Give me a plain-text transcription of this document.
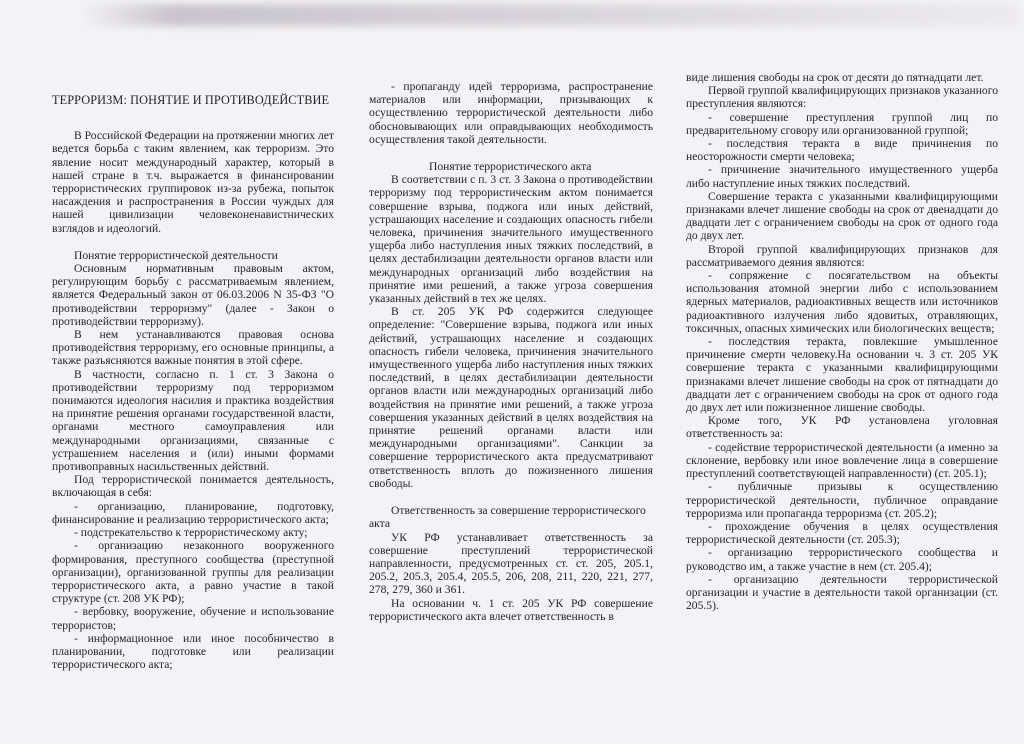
ТЕРРОРИЗМ: ПОНЯТИЕ И ПРОТИВОДЕЙСТВИЕ

В Российской Федерации на протяжении многих лет ведется борьба с таким явлением, как терроризм. Это явление носит международный характер, который в нашей стране в т.ч. выражается в финансировании террористических группировок из-за рубежа, попыток насаждения и распространения в России чуждых для нашей цивилизации человеконенавистнических взглядов и идеологий.

Понятие террористической деятельности

Основным нормативным правовым актом, регулирующим борьбу с рассматриваемым явлением, является Федеральный закон от 06.03.2006 N 35-ФЗ "О противодействии терроризму" (далее - Закон о противодействии терроризму).

В нем устанавливаются правовая основа противодействия терроризму, его основные принципы, а также разъясняются важные понятия в этой сфере.

В частности, согласно п. 1 ст. 3 Закона о противодействии терроризму под терроризмом понимаются идеология насилия и практика воздействия на принятие решения органами государственной власти, органами местного самоуправления или международными организациями, связанные с устрашением населения и (или) иными формами противоправных насильственных действий.

Под террористической понимается деятельность, включающая в себя:

- организацию, планирование, подготовку, финансирование и реализацию террористического акта;

- подстрекательство к террористическому акту;

- организацию незаконного вооруженного формирования, преступного сообщества (преступной организации), организованной группы для реализации террористического акта, а равно участие в такой структуре (ст. 208 УК РФ);

- вербовку, вооружение, обучение и использование террористов;

- информационное или иное пособничество в планировании, подготовке или реализации террористического акта;

- пропаганду идей терроризма, распространение материалов или информации, призывающих к осуществлению террористической деятельности либо обосновывающих или оправдывающих необходимость осуществления такой деятельности.

Понятие террористического акта

В соответствии с п. 3 ст. 3 Закона о противодействии терроризму под террористическим актом понимается совершение взрыва, поджога или иных действий, устрашающих население и создающих опасность гибели человека, причинения значительного имущественного ущерба либо наступления иных тяжких последствий, в целях дестабилизации деятельности органов власти или международных организаций либо воздействия на принятие ими решений, а также угроза совершения указанных действий в тех же целях.

В ст. 205 УК РФ содержится следующее определение: "Совершение взрыва, поджога или иных действий, устрашающих население и создающих опасность гибели человека, причинения значительного имущественного ущерба либо наступления иных тяжких последствий, в целях дестабилизации деятельности органов власти или международных организаций либо воздействия на принятие ими решений, а также угроза совершения указанных действий в целях воздействия на принятие решений органами власти или международными организациями". Санкции за совершение террористического акта предусматривают ответственность вплоть до пожизненного лишения свободы.

Ответственность за совершение террористического акта

УК РФ устанавливает ответственность за совершение преступлений террористической направленности, предусмотренных ст. ст. 205, 205.1, 205.2, 205.3, 205.4, 205.5, 206, 208, 211, 220, 221, 277, 278, 279, 360 и 361.

На основании ч. 1 ст. 205 УК РФ совершение террористического акта влечет ответственность в

виде лишения свободы на срок от десяти до пятнадцати лет.

Первой группой квалифицирующих признаков указанного преступления являются:

- совершение преступления группой лиц по предварительному сговору или организованной группой;

- последствия теракта в виде причинения по неосторожности смерти человека;

- причинение значительного имущественного ущерба либо наступление иных тяжких последствий.

Совершение теракта с указанными квалифицирующими признаками влечет лишение свободы на срок от двенадцати до двадцати лет с ограничением свободы на срок от одного года до двух лет.

Второй группой квалифицирующих признаков для рассматриваемого деяния являются:

- сопряжение с посягательством на объекты использования атомной энергии либо с использованием ядерных материалов, радиоактивных веществ или источников радиоактивного излучения либо ядовитых, отравляющих, токсичных, опасных химических или биологических веществ;

- последствия теракта, повлекшие умышленное причинение смерти человеку.На основании ч. 3 ст. 205 УК совершение теракта с указанными квалифицирующими признаками влечет лишение свободы на срок от пятнадцати до двадцати лет с ограничением свободы на срок от одного года до двух лет или пожизненное лишение свободы.

Кроме того, УК РФ установлена уголовная ответственность за:

- содействие террористической деятельности (а именно за склонение, вербовку или иное вовлечение лица в совершение преступлений соответствующей направленности) (ст. 205.1);

- публичные призывы к осуществлению террористической деятельности, публичное оправдание терроризма или пропаганда терроризма (ст. 205.2);

- прохождение обучения в целях осуществления террористической деятельности (ст. 205.3);

- организацию террористического сообщества и руководство им, а также участие в нем (ст. 205.4);

- организацию деятельности террористической организации и участие в деятельности такой организации (ст. 205.5).
